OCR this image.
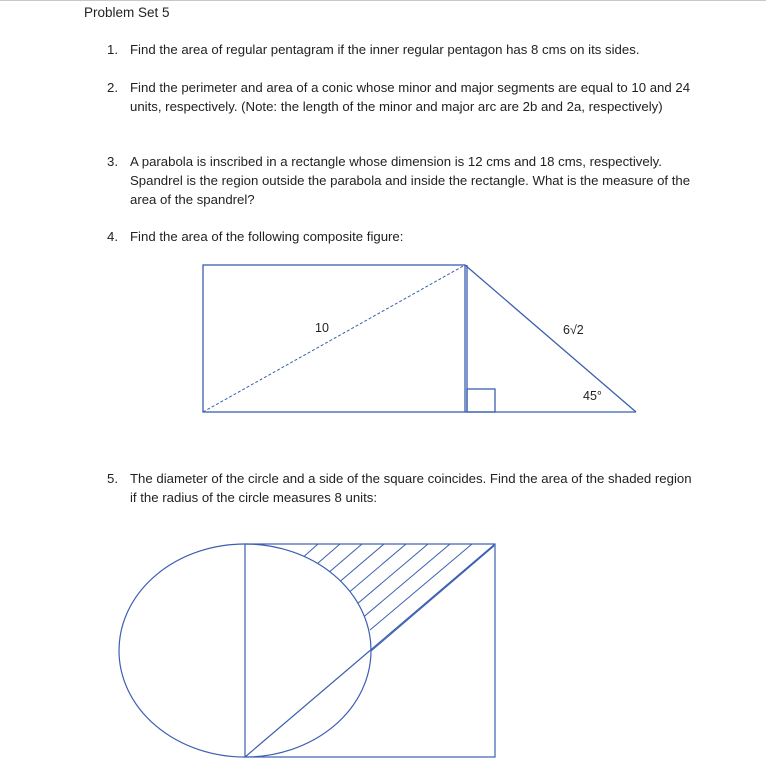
Problem Set 5
1. Find the area of regular pentagram if the inner regular pentagon has 8 cms on its sides.
2. Find the perimeter and area of a conic whose minor and major segments are equal to 10 and 24 units, respectively. (Note: the length of the minor and major arc are 2b and 2a, respectively)
3. A parabola is inscribed in a rectangle whose dimension is 12 cms and 18 cms, respectively. Spandrel is the region outside the parabola and inside the rectangle. What is the measure of the area of the spandrel?
4. Find the area of the following composite figure:
5. The diameter of the circle and a side of the square coincides. Find the area of the shaded region if the radius of the circle measures 8 units:
10	6√2
45°
